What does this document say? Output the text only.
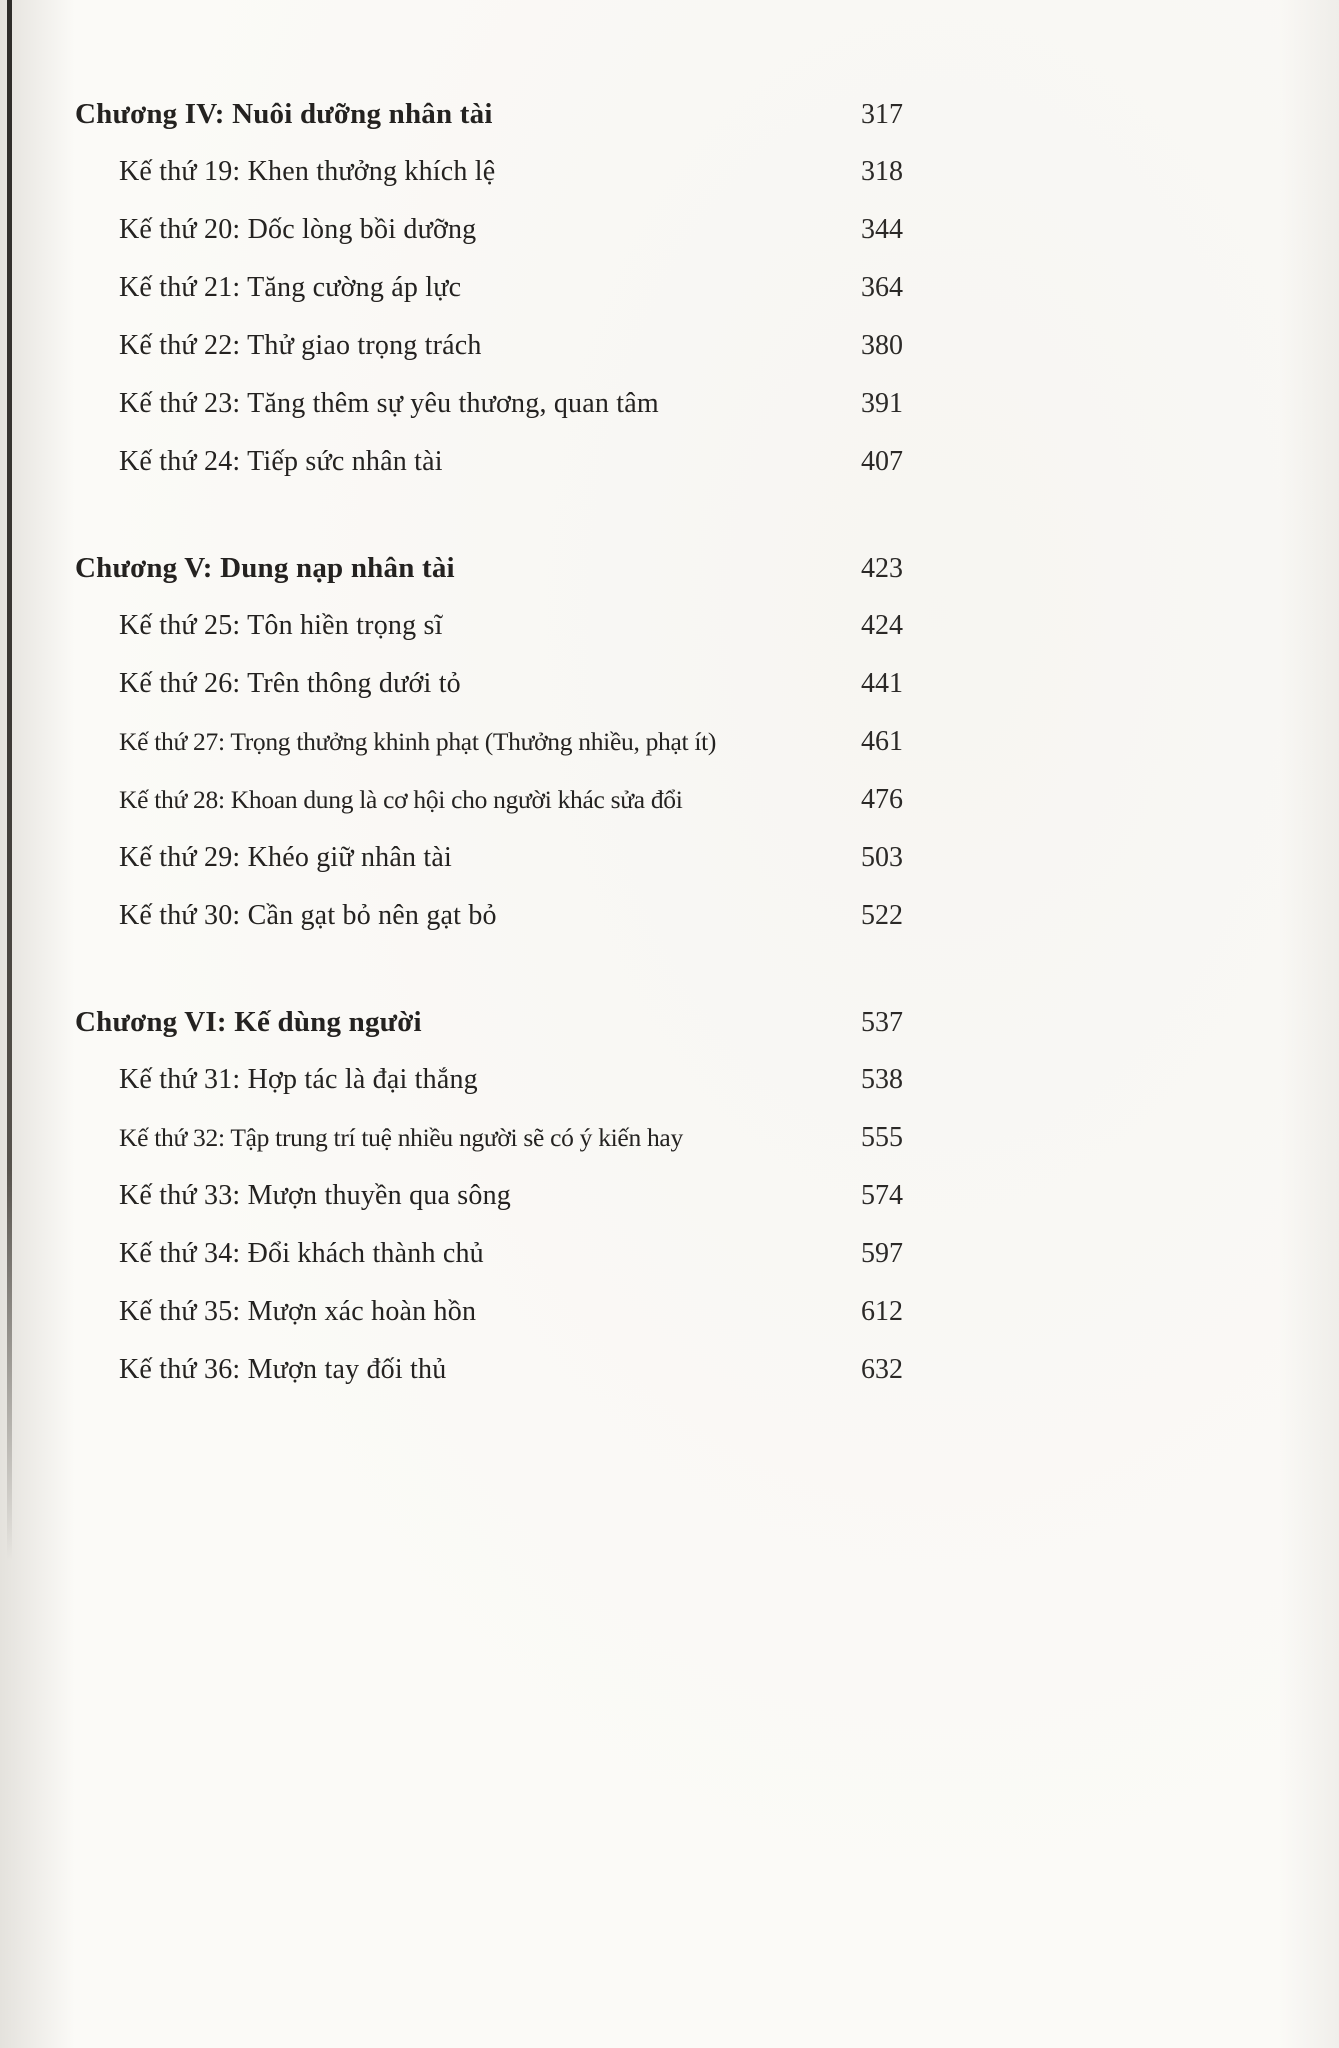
Chương IV: Nuôi dưỡng nhân tài	317
Kế thứ 19: Khen thưởng khích lệ	318
Kế thứ 20: Dốc lòng bồi dưỡng	344
Kế thứ 21: Tăng cường áp lực	364
Kế thứ 22: Thử giao trọng trách	380
Kế thứ 23: Tăng thêm sự yêu thương, quan tâm	391
Kế thứ 24: Tiếp sức nhân tài	407
Chương V: Dung nạp nhân tài	423
Kế thứ 25: Tôn hiền trọng sĩ	424
Kế thứ 26: Trên thông dưới tỏ	441
Kế thứ 27: Trọng thưởng khinh phạt (Thưởng nhiều, phạt ít)	461
Kế thứ 28: Khoan dung là cơ hội cho người khác sửa đổi	476
Kế thứ 29: Khéo giữ nhân tài	503
Kế thứ 30: Cần gạt bỏ nên gạt bỏ	522
Chương VI: Kế dùng người	537
Kế thứ 31: Hợp tác là đại thắng	538
Kế thứ 32: Tập trung trí tuệ nhiều người sẽ có ý kiến hay	555
Kế thứ 33: Mượn thuyền qua sông	574
Kế thứ 34: Đổi khách thành chủ	597
Kế thứ 35: Mượn xác hoàn hồn	612
Kế thứ 36: Mượn tay đối thủ	632
